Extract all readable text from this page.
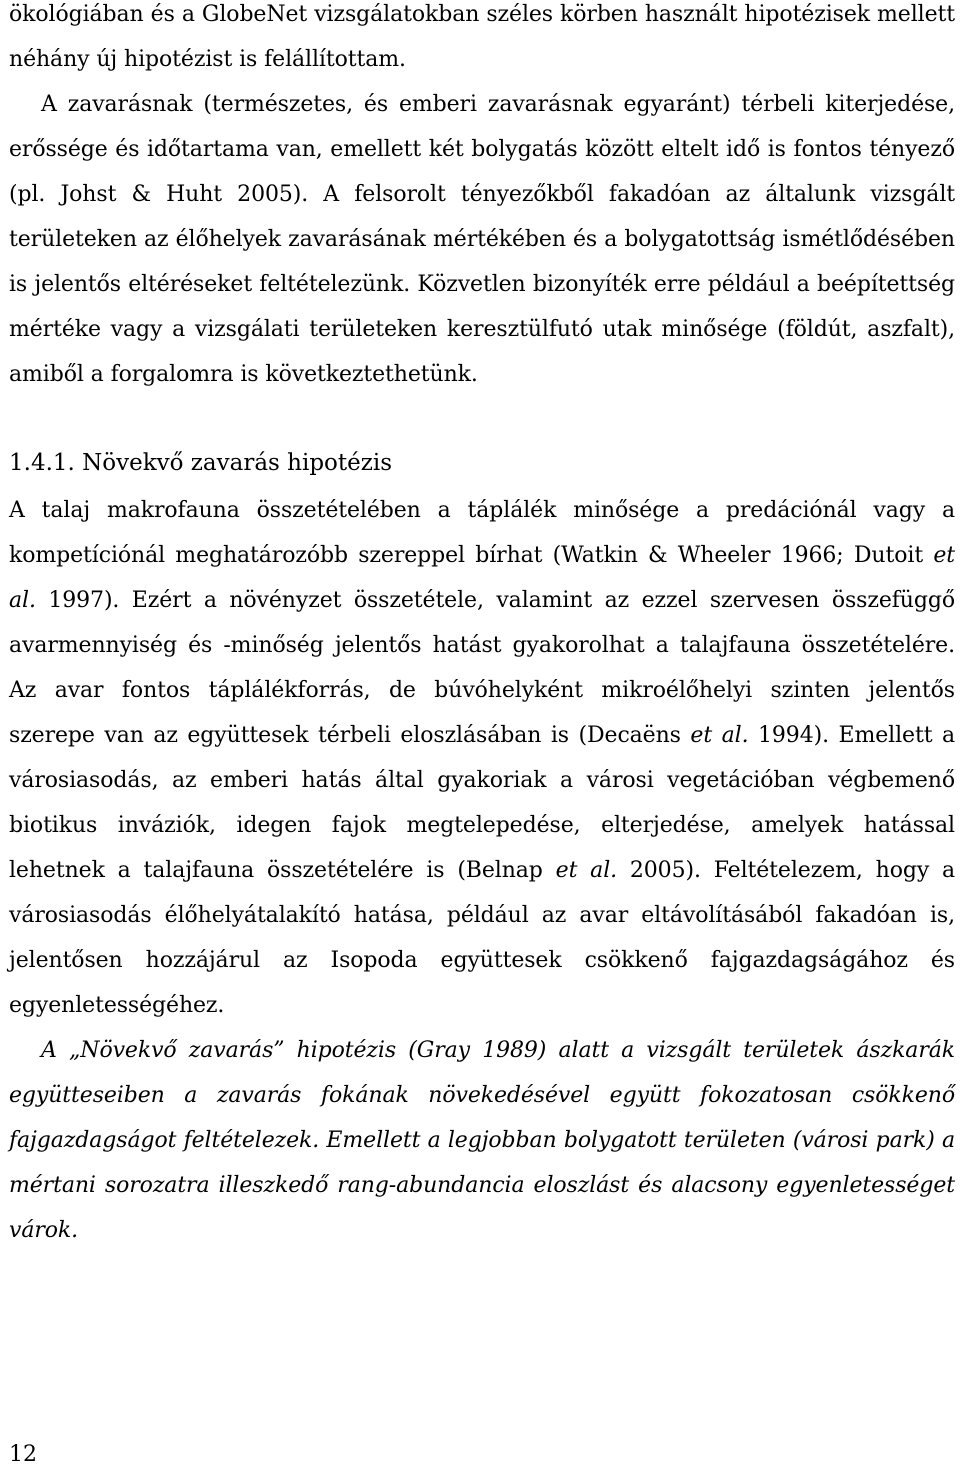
ökológiában és a GlobeNet vizsgálatokban széles körben használt hipotézisek mellett néhány új hipotézist is felállítottam.

A zavarásnak (természetes, és emberi zavarásnak egyaránt) térbeli kiterjedése, erőssége és időtartama van, emellett két bolygatás között eltelt idő is fontos tényező (pl. Johst & Huht 2005). A felsorolt tényezőkből fakadóan az általunk vizsgált területeken az élőhelyek zavarásának mértékében és a bolygatottság ismétlődésében is jelentős eltéréseket feltételezünk. Közvetlen bizonyíték erre például a beépítettség mértéke vagy a vizsgálati területeken keresztülfutó utak minősége (földút, aszfalt), amiből a forgalomra is következtethetünk.

1.4.1. Növekvő zavarás hipotézis

A talaj makrofauna összetételében a táplálék minősége a predációnál vagy a kompetíciónál meghatározóbb szereppel bírhat (Watkin & Wheeler 1966; Dutoit et al. 1997). Ezért a növényzet összetétele, valamint az ezzel szervesen összefüggő avarmennyiség és -minőség jelentős hatást gyakorolhat a talajfauna összetételére. Az avar fontos táplálékforrás, de búvóhelyként mikroélőhelyi szinten jelentős szerepe van az együttesek térbeli eloszlásában is (Decaëns et al. 1994). Emellett a városiasodás, az emberi hatás által gyakoriak a városi vegetációban végbemenő biotikus inváziók, idegen fajok megtelepedése, elterjedése, amelyek hatással lehetnek a talajfauna összetételére is (Belnap et al. 2005). Feltételezem, hogy a városiasodás élőhelyátalakító hatása, például az avar eltávolításából fakadóan is, jelentősen hozzájárul az Isopoda együttesek csökkenő fajgazdagságához és egyenletességéhez.

A „Növekvő zavarás” hipotézis (Gray 1989) alatt a vizsgált területek ászkarák együtteseiben a zavarás fokának növekedésével együtt fokozatosan csökkenő fajgazdagságot feltételezek. Emellett a legjobban bolygatott területen (városi park) a mértani sorozatra illeszkedő rang-abundancia eloszlást és alacsony egyenletességet várok.

12
